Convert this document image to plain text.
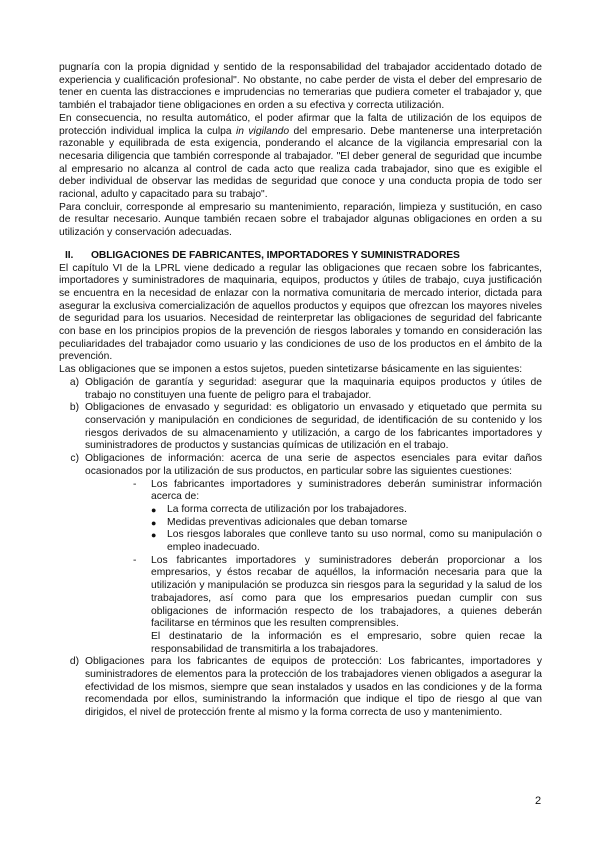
pugnaría con la propia dignidad y sentido de la responsabilidad del trabajador accidentado dotado de experiencia y cualificación profesional". No obstante, no cabe perder de vista el deber del empresario de tener en cuenta las distracciones e imprudencias no temerarias que pudiera cometer el trabajador y, que también el trabajador tiene obligaciones en orden a su efectiva y correcta utilización.

En consecuencia, no resulta automático, el poder afirmar que la falta de utilización de los equipos de protección individual implica la culpa in vigilando del empresario. Debe mantenerse una interpretación razonable y equilibrada de esta exigencia, ponderando el alcance de la vigilancia empresarial con la necesaria diligencia que también corresponde al trabajador. "El deber general de seguridad que incumbe al empresario no alcanza al control de cada acto que realiza cada trabajador, sino que es exigible el deber individual de observar las medidas de seguridad que conoce y una conducta propia de todo ser racional, adulto y capacitado para su trabajo".

Para concluir, corresponde al empresario su mantenimiento, reparación, limpieza y sustitución, en caso de resultar necesario. Aunque también recaen sobre el trabajador algunas obligaciones en orden a su utilización y conservación adecuadas.

II. OBLIGACIONES DE FABRICANTES, IMPORTADORES Y SUMINISTRADORES

El capítulo VI de la LPRL viene dedicado a regular las obligaciones que recaen sobre los fabricantes, importadores y suministradores de maquinaria, equipos, productos y útiles de trabajo, cuya justificación se encuentra en la necesidad de enlazar con la normativa comunitaria de mercado interior, dictada para asegurar la exclusiva comercialización de aquellos productos y equipos que ofrezcan los mayores niveles de seguridad para los usuarios. Necesidad de reinterpretar las obligaciones de seguridad del fabricante con base en los principios propios de la prevención de riesgos laborales y tomando en consideración las peculiaridades del trabajador como usuario y las condiciones de uso de los productos en el ámbito de la prevención.

Las obligaciones que se imponen a estos sujetos, pueden sintetizarse básicamente en las siguientes:

a) Obligación de garantía y seguridad: asegurar que la maquinaria equipos productos y útiles de trabajo no constituyen una fuente de peligro para el trabajador.
b) Obligaciones de envasado y seguridad: es obligatorio un envasado y etiquetado que permita su conservación y manipulación en condiciones de seguridad, de identificación de su contenido y los riesgos derivados de su almacenamiento y utilización, a cargo de los fabricantes importadores y suministradores de productos y sustancias químicas de utilización en el trabajo.
c) Obligaciones de información: acerca de una serie de aspectos esenciales para evitar daños ocasionados por la utilización de sus productos, en particular sobre las siguientes cuestiones:
-	Los fabricantes importadores y suministradores deberán suministrar información acerca de:
●	La forma correcta de utilización por los trabajadores.
●	Medidas preventivas adicionales que deban tomarse
●	Los riesgos laborales que conlleve tanto su uso normal, como su manipulación o empleo inadecuado.
-	Los fabricantes importadores y suministradores deberán proporcionar a los empresarios, y éstos recabar de aquéllos, la información necesaria para que la utilización y manipulación se produzca sin riesgos para la seguridad y la salud de los trabajadores, así como para que los empresarios puedan cumplir con sus obligaciones de información respecto de los trabajadores, a quienes deberán facilitarse en términos que les resulten comprensibles.

El destinatario de la información es el empresario, sobre quien recae la responsabilidad de transmitirla a los trabajadores.

d) Obligaciones para los fabricantes de equipos de protección: Los fabricantes, importadores y suministradores de elementos para la protección de los trabajadores vienen obligados a asegurar la efectividad de los mismos, siempre que sean instalados y usados en las condiciones y de la forma recomendada por ellos, suministrando la información que indique el tipo de riesgo al que van dirigidos, el nivel de protección frente al mismo y la forma correcta de uso y mantenimiento.
2
